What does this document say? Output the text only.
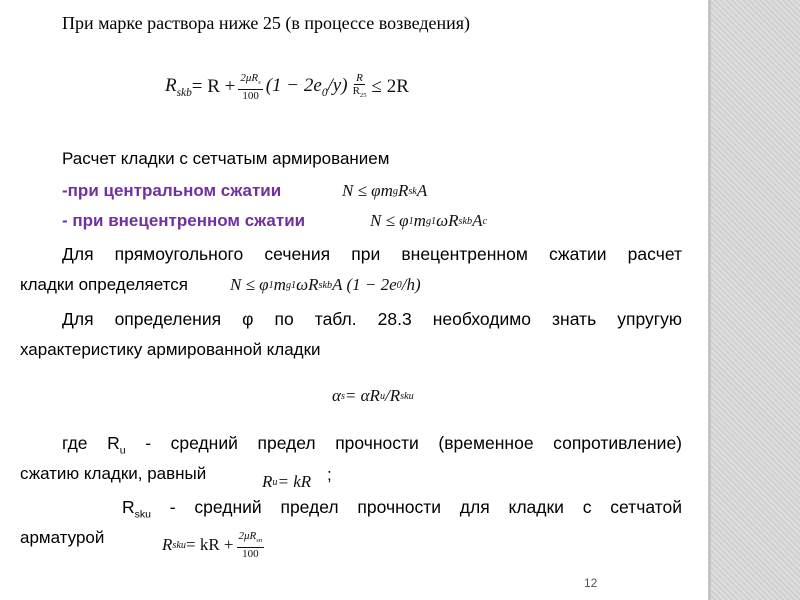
При марке раствора ниже 25 (в процессе возведения)
$R_{skb} = R + \frac{2\mu R_s}{100} (1 - 2e_0/y) \frac{R}{R_{25}} \le 2R$
Расчет кладки с сетчатым армированием
-при центральном сжатии	N ≤ φm g R sk A
- при внецентренном сжатии	N ≤ φ 1 m g1 ωR skb A c
Для прямоугольного сечения при внецентренном сжатии расчет
кладки определяется N ≤ φ 1 m g1 ωR skb A (1 − 2e 0 /h)
Для определения φ по табл. 28.3 необходимо знать упругую
характеристику армированной кладки
α s = αR u /R sku
где $R_u$ - средний предел прочности (временное сопротивление)
сжатию кладки, равный	R u = kR ;
$R_{sku}$ - средний предел прочности для кладки с сетчатой
арматурой	R sku = kR + $\frac{2\mu R_{sn}}{100}$
12
